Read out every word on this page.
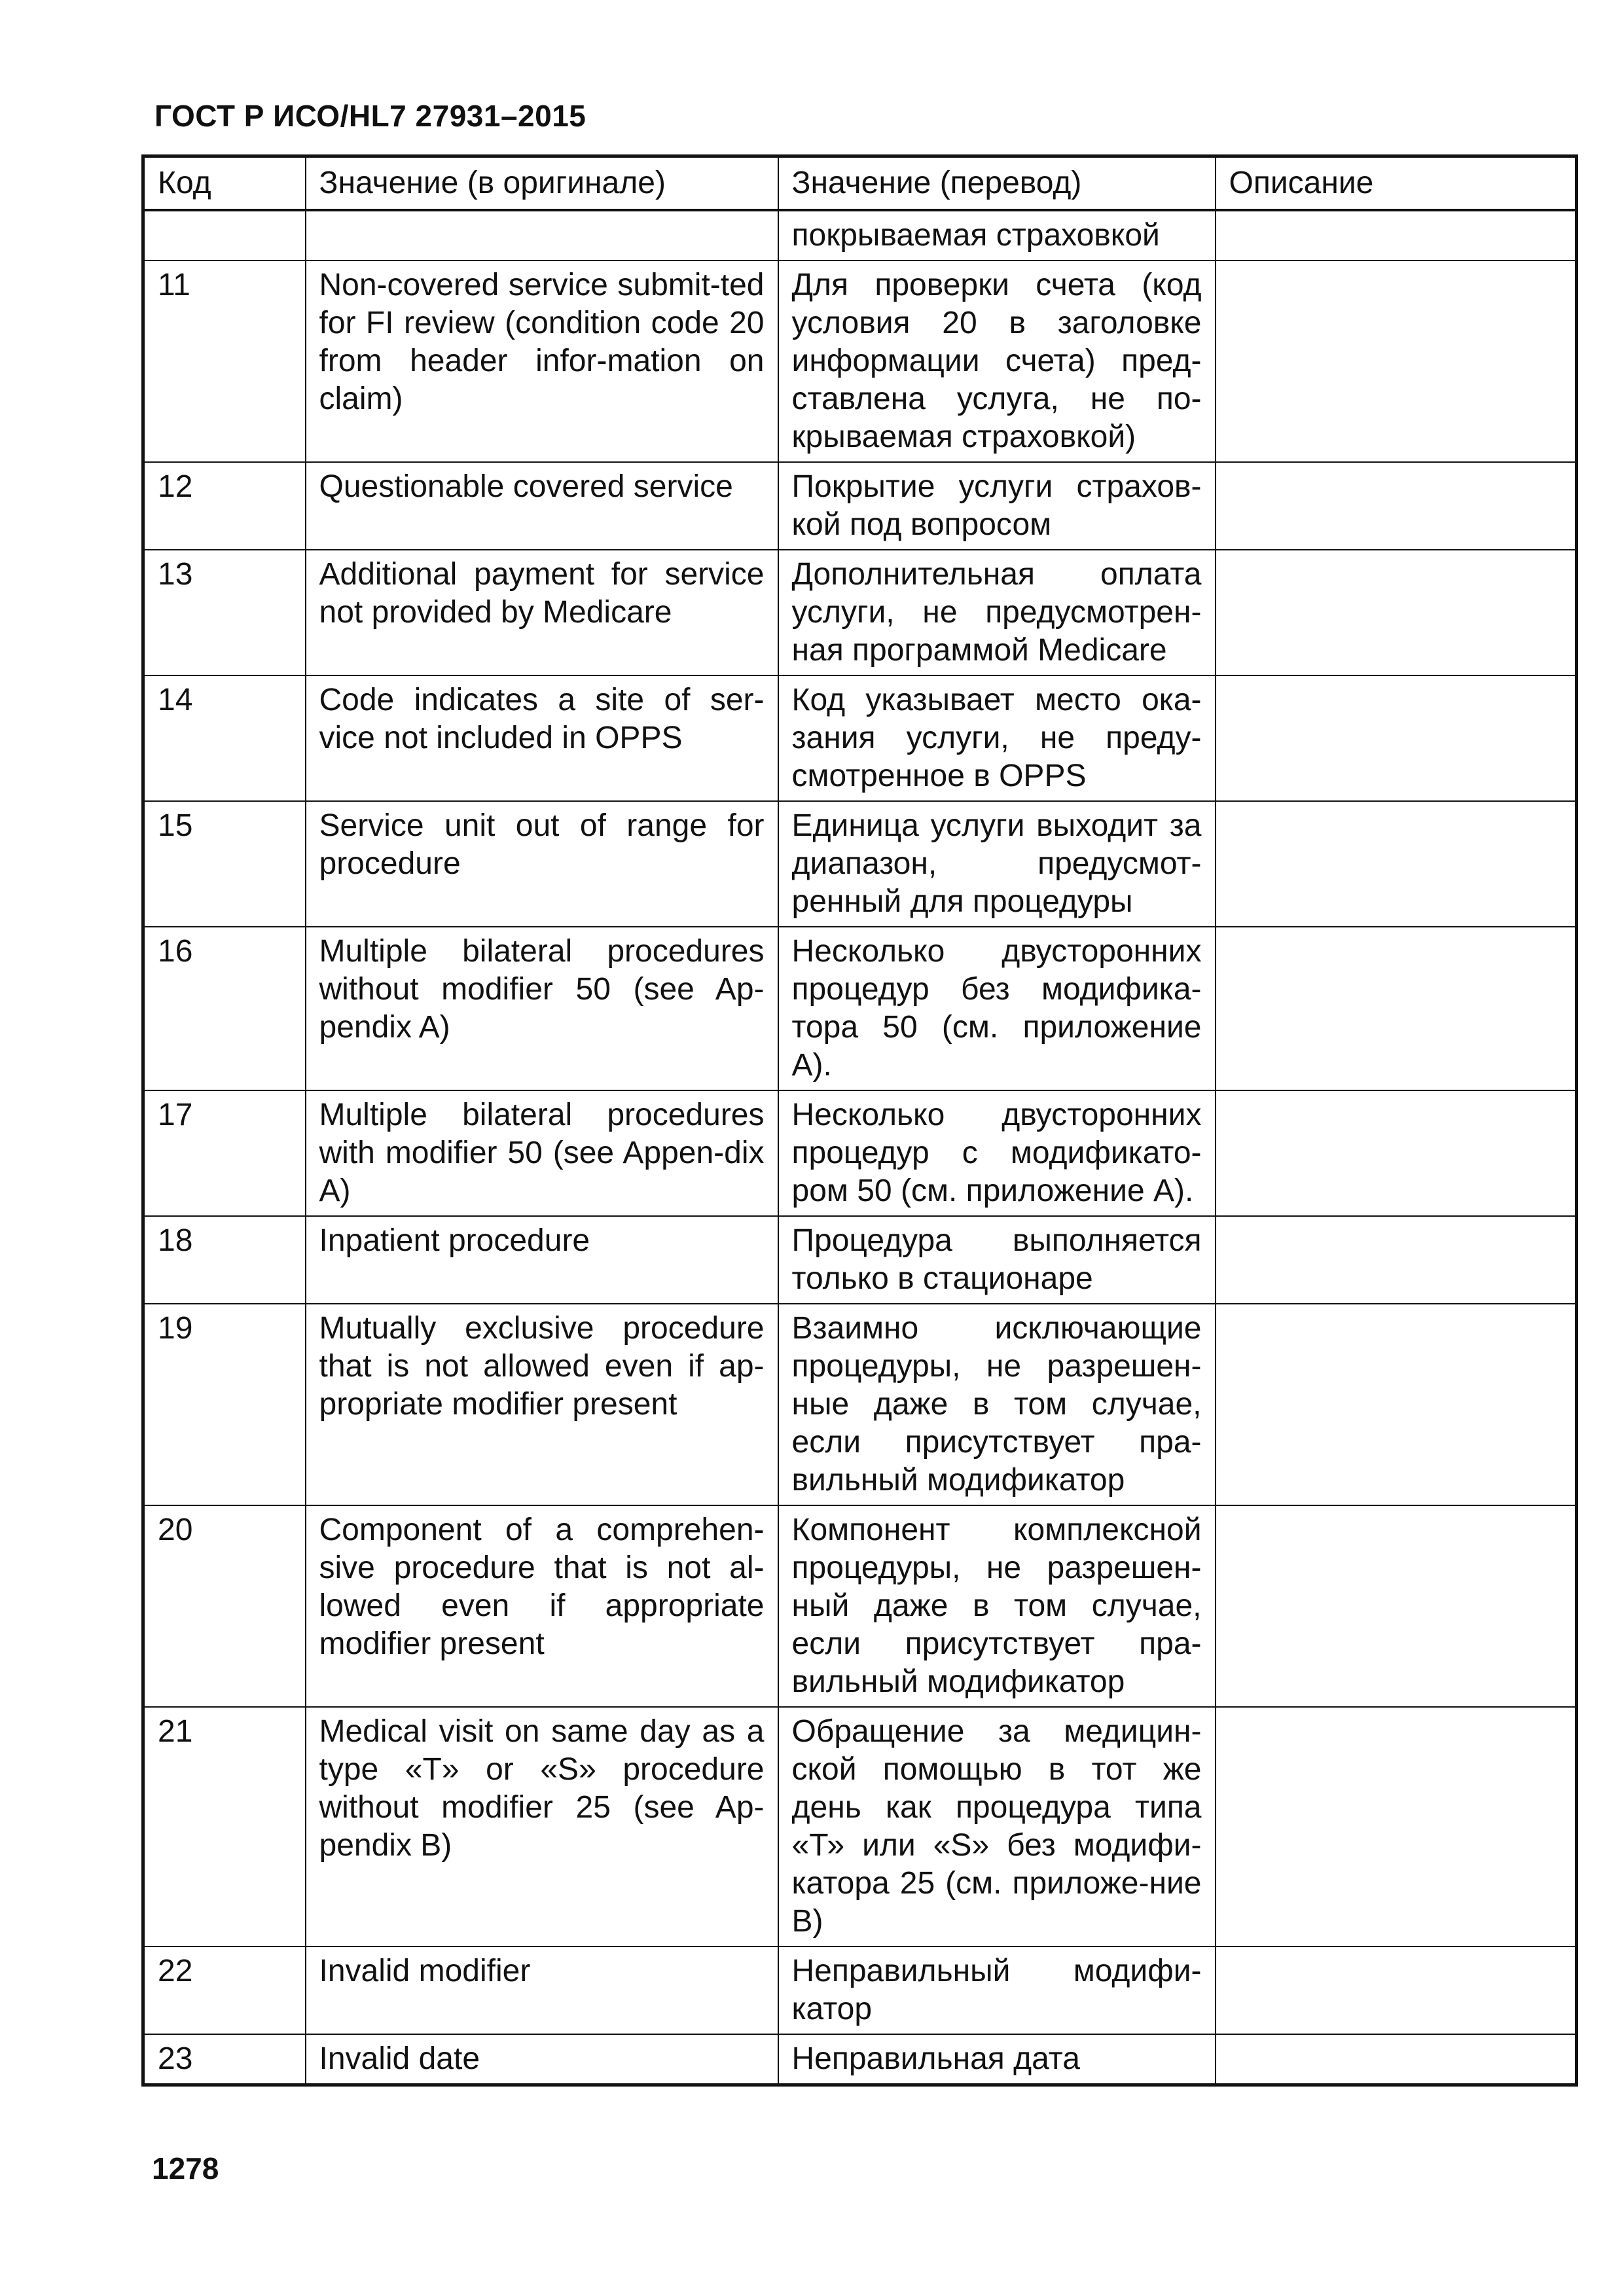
ГОСТ Р ИСО/HL7 27931–2015
Код	Значение (в оригинале)	Значение (перевод)	Описание
		покрываемая страховкой	
11	Non-covered service submit-ted for FI review (condition code 20 from header infor-mation on claim)	Для проверки счета (код условия 20 в заголовке информации счета) пред-ставлена услуга, не по-крываемая страховкой)	
12	Questionable covered service	Покрытие услуги страхов-кой под вопросом	
13	Additional payment for service not provided by Medicare	Дополнительная оплата услуги, не предусмотрен-ная программой Medicare	
14	Code indicates a site of ser-vice not included in OPPS	Код указывает место ока-зания услуги, не преду-смотренное в OPPS	
15	Service unit out of range for procedure	Единица услуги выходит за диапазон, предусмот-ренный для процедуры	
16	Multiple bilateral procedures without modifier 50 (see Ap-pendix A)	Несколько двусторонних процедур без модифика-тора 50 (см. приложение А).	
17	Multiple bilateral procedures with modifier 50 (see Appen-dix A)	Несколько двусторонних процедур с модификато-ром 50 (см. приложение А).	
18	Inpatient procedure	Процедура выполняется только в стационаре	
19	Mutually exclusive procedure that is not allowed even if ap-propriate modifier present	Взаимно исключающие процедуры, не разрешен-ные даже в том случае, если присутствует пра-вильный модификатор	
20	Component of a comprehen-sive procedure that is not al-lowed even if appropriate modifier present	Компонент комплексной процедуры, не разрешен-ный даже в том случае, если присутствует пра-вильный модификатор	
21	Medical visit on same day as a type «T» or «S» procedure without modifier 25 (see Ap-pendix B)	Обращение за медицин-ской помощью в тот же день как процедура типа «Т» или «S» без модифи-катора 25 (см. приложе-ние В)	
22	Invalid modifier	Неправильный модифи-катор	
23	Invalid date	Неправильная дата	
1278
